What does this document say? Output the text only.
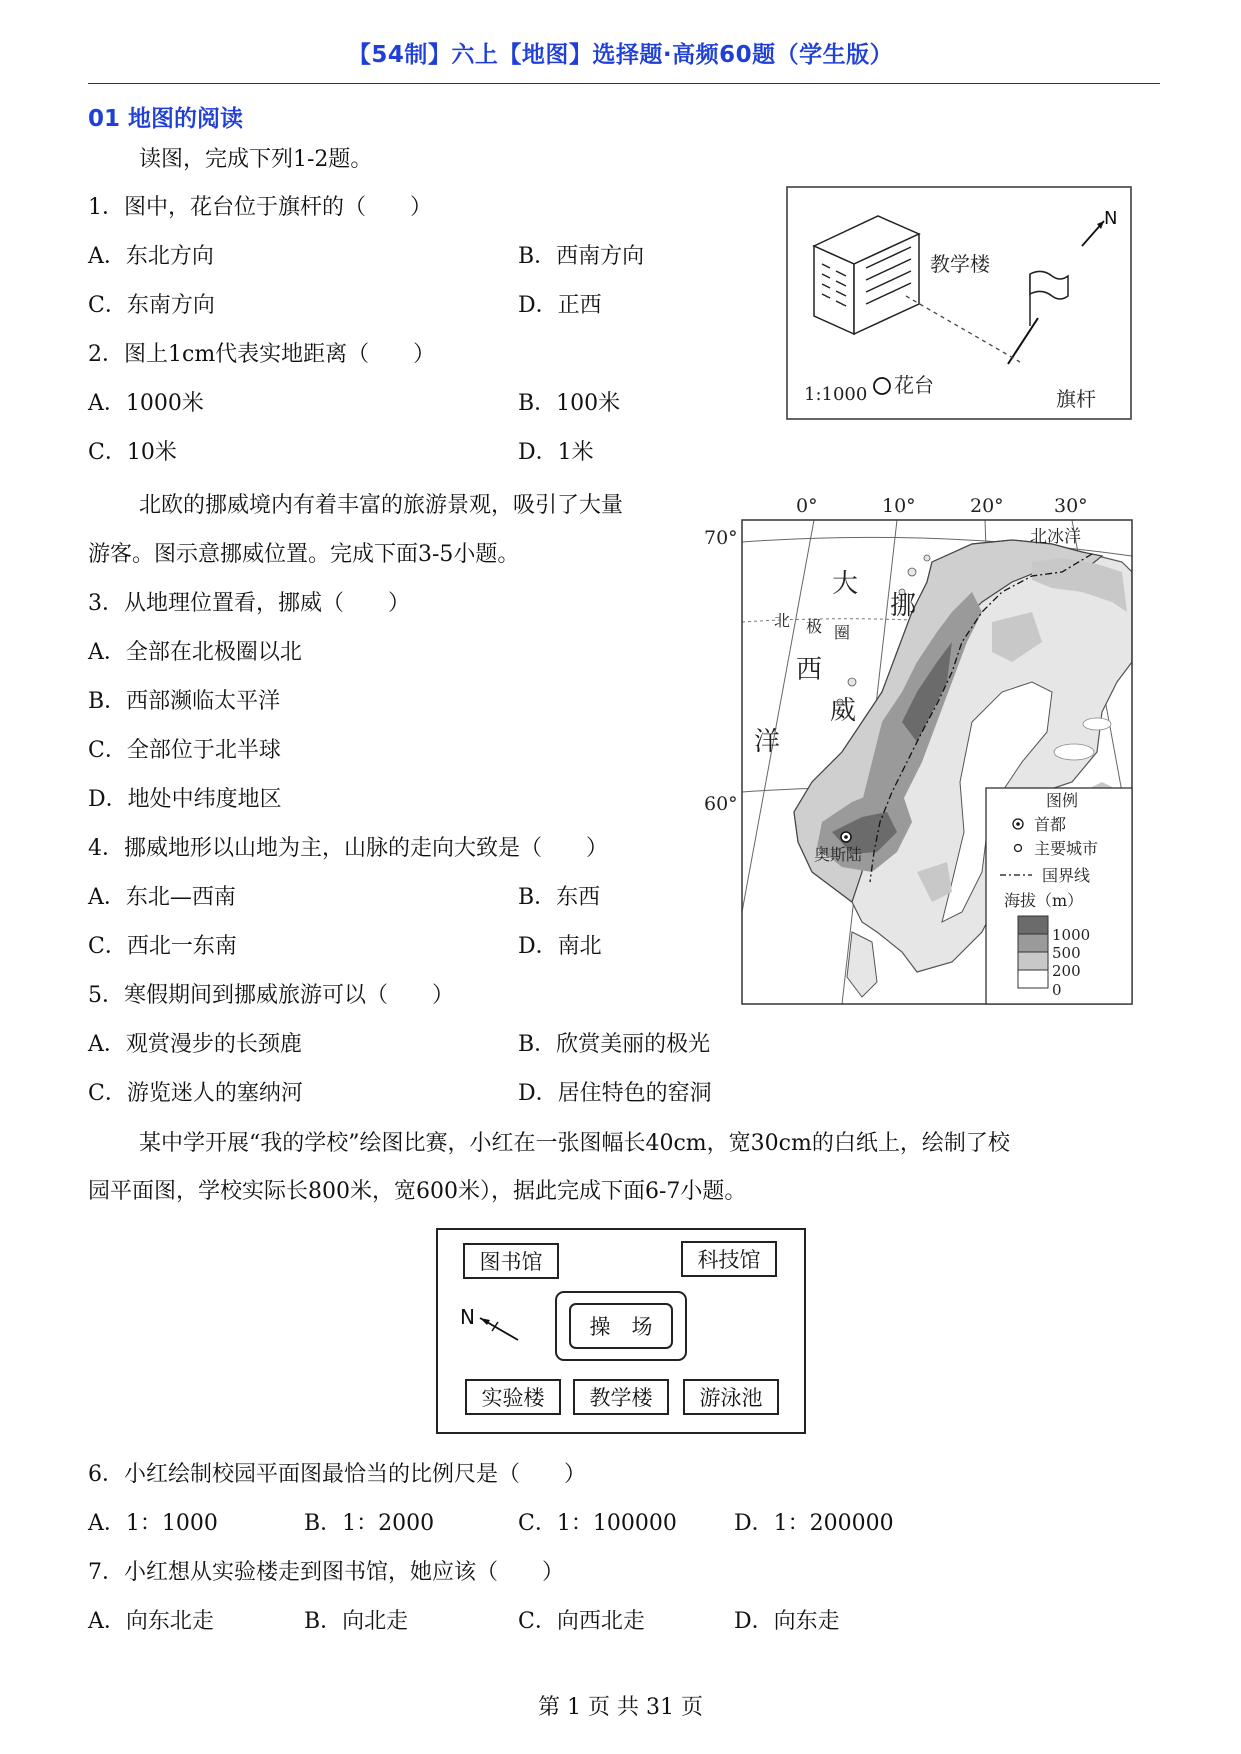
【54制】六上【地图】选择题·高频60题（学生版）
01 地图的阅读
读图，完成下列1-2题。
1．图中，花台位于旗杆的（　　）
A．东北方向	B．西南方向
C．东南方向	D．正西
2．图上1cm代表实地距离（　　）
A．1000米	B．100米
C．10米	D．1米
教学楼
N
1:1000 花台
旗杆
北欧的挪威境内有着丰富的旅游景观，吸引了大量
游客。图示意挪威位置。完成下面3-5小题。
3．从地理位置看，挪威（　　）
A．全部在北极圈以北
B．西部濒临太平洋
C．全部位于北半球
D．地处中纬度地区
4．挪威地形以山地为主，山脉的走向大致是（　　）
A．东北—西南	B．东西
C．西北一东南	D．南北
5．寒假期间到挪威旅游可以（　　）
A．观赏漫步的长颈鹿	B．欣赏美丽的极光
C．游览迷人的塞纳河	D．居住特色的窑洞
0°	10°	20°	30°
70°
60°
北冰洋
大
西
洋
挪
威
北 极 圈
奥斯陆
图例
首都
主要城市
国界线
海拔（m）
1000
500
200
0
某中学开展“我的学校”绘图比赛，小红在一张图幅长40cm，宽30cm的白纸上，绘制了校
园平面图，学校实际长800米，宽600米），据此完成下面6-7小题。
图书馆	科技馆
操　场
N
实验楼 教学楼 游泳池
6．小红绘制校园平面图最恰当的比例尺是（　　）
A．1：1000	B．1：2000	C．1：100000	D．1：200000
7．小红想从实验楼走到图书馆，她应该（　　）
A．向东北走	B．向北走	C．向西北走	D．向东走
第 1 页 共 31 页
